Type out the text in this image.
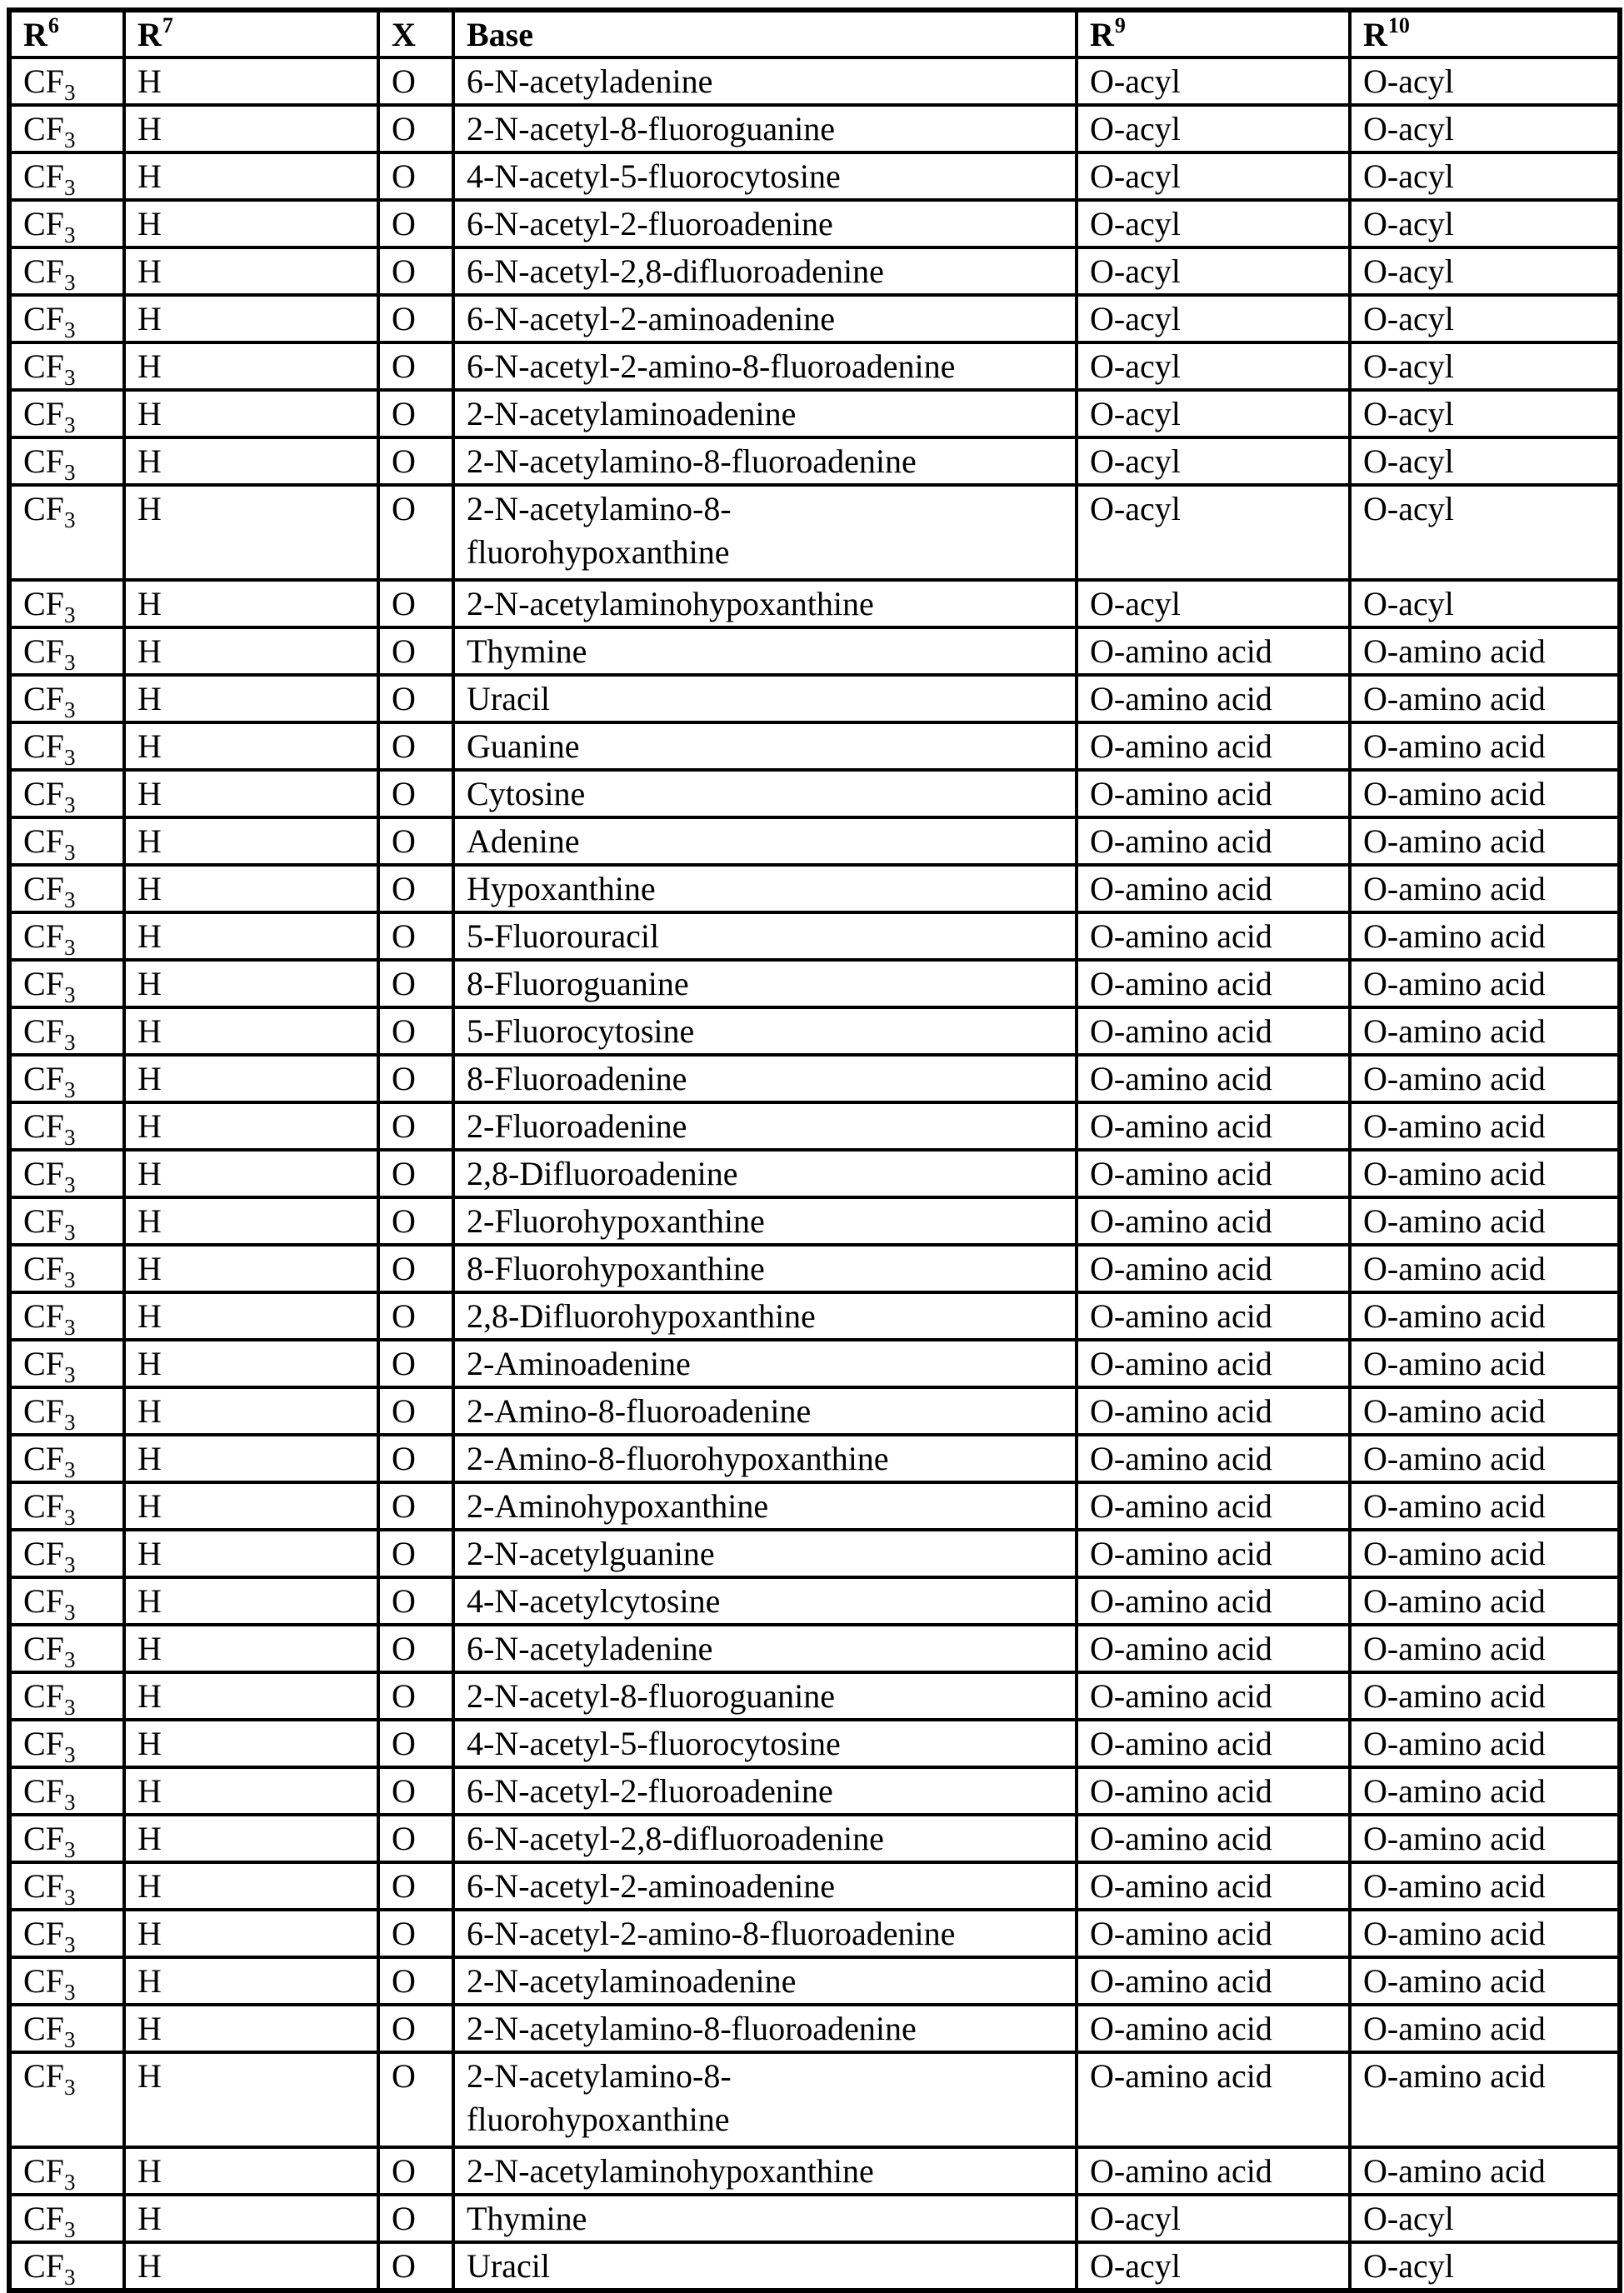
$R^6$	$R^7$	X	Base	$R^9$	$R^{10}$
$CF_3$	H	O	6-N-acetyladenine	O-acyl	O-acyl
$CF_3$	H	O	2-N-acetyl-8-fluoroguanine	O-acyl	O-acyl
$CF_3$	H	O	4-N-acetyl-5-fluorocytosine	O-acyl	O-acyl
$CF_3$	H	O	6-N-acetyl-2-fluoroadenine	O-acyl	O-acyl
$CF_3$	H	O	6-N-acetyl-2,8-difluoroadenine	O-acyl	O-acyl
$CF_3$	H	O	6-N-acetyl-2-aminoadenine	O-acyl	O-acyl
$CF_3$	H	O	6-N-acetyl-2-amino-8-fluoroadenine	O-acyl	O-acyl
$CF_3$	H	O	2-N-acetylaminoadenine	O-acyl	O-acyl
$CF_3$	H	O	2-N-acetylamino-8-fluoroadenine	O-acyl	O-acyl
$CF_3$	H	O	2-N-acetylamino-8-
fluorohypoxanthine	O-acyl	O-acyl
$CF_3$	H	O	2-N-acetylaminohypoxanthine	O-acyl	O-acyl
$CF_3$	H	O	Thymine	O-amino acid	O-amino acid
$CF_3$	H	O	Uracil	O-amino acid	O-amino acid
$CF_3$	H	O	Guanine	O-amino acid	O-amino acid
$CF_3$	H	O	Cytosine	O-amino acid	O-amino acid
$CF_3$	H	O	Adenine	O-amino acid	O-amino acid
$CF_3$	H	O	Hypoxanthine	O-amino acid	O-amino acid
$CF_3$	H	O	5-Fluorouracil	O-amino acid	O-amino acid
$CF_3$	H	O	8-Fluoroguanine	O-amino acid	O-amino acid
$CF_3$	H	O	5-Fluorocytosine	O-amino acid	O-amino acid
$CF_3$	H	O	8-Fluoroadenine	O-amino acid	O-amino acid
$CF_3$	H	O	2-Fluoroadenine	O-amino acid	O-amino acid
$CF_3$	H	O	2,8-Difluoroadenine	O-amino acid	O-amino acid
$CF_3$	H	O	2-Fluorohypoxanthine	O-amino acid	O-amino acid
$CF_3$	H	O	8-Fluorohypoxanthine	O-amino acid	O-amino acid
$CF_3$	H	O	2,8-Difluorohypoxanthine	O-amino acid	O-amino acid
$CF_3$	H	O	2-Aminoadenine	O-amino acid	O-amino acid
$CF_3$	H	O	2-Amino-8-fluoroadenine	O-amino acid	O-amino acid
$CF_3$	H	O	2-Amino-8-fluorohypoxanthine	O-amino acid	O-amino acid
$CF_3$	H	O	2-Aminohypoxanthine	O-amino acid	O-amino acid
$CF_3$	H	O	2-N-acetylguanine	O-amino acid	O-amino acid
$CF_3$	H	O	4-N-acetylcytosine	O-amino acid	O-amino acid
$CF_3$	H	O	6-N-acetyladenine	O-amino acid	O-amino acid
$CF_3$	H	O	2-N-acetyl-8-fluoroguanine	O-amino acid	O-amino acid
$CF_3$	H	O	4-N-acetyl-5-fluorocytosine	O-amino acid	O-amino acid
$CF_3$	H	O	6-N-acetyl-2-fluoroadenine	O-amino acid	O-amino acid
$CF_3$	H	O	6-N-acetyl-2,8-difluoroadenine	O-amino acid	O-amino acid
$CF_3$	H	O	6-N-acetyl-2-aminoadenine	O-amino acid	O-amino acid
$CF_3$	H	O	6-N-acetyl-2-amino-8-fluoroadenine	O-amino acid	O-amino acid
$CF_3$	H	O	2-N-acetylaminoadenine	O-amino acid	O-amino acid
$CF_3$	H	O	2-N-acetylamino-8-fluoroadenine	O-amino acid	O-amino acid
$CF_3$	H	O	2-N-acetylamino-8-
fluorohypoxanthine	O-amino acid	O-amino acid
$CF_3$	H	O	2-N-acetylaminohypoxanthine	O-amino acid	O-amino acid
$CF_3$	H	O	Thymine	O-acyl	O-acyl
$CF_3$	H	O	Uracil	O-acyl	O-acyl
